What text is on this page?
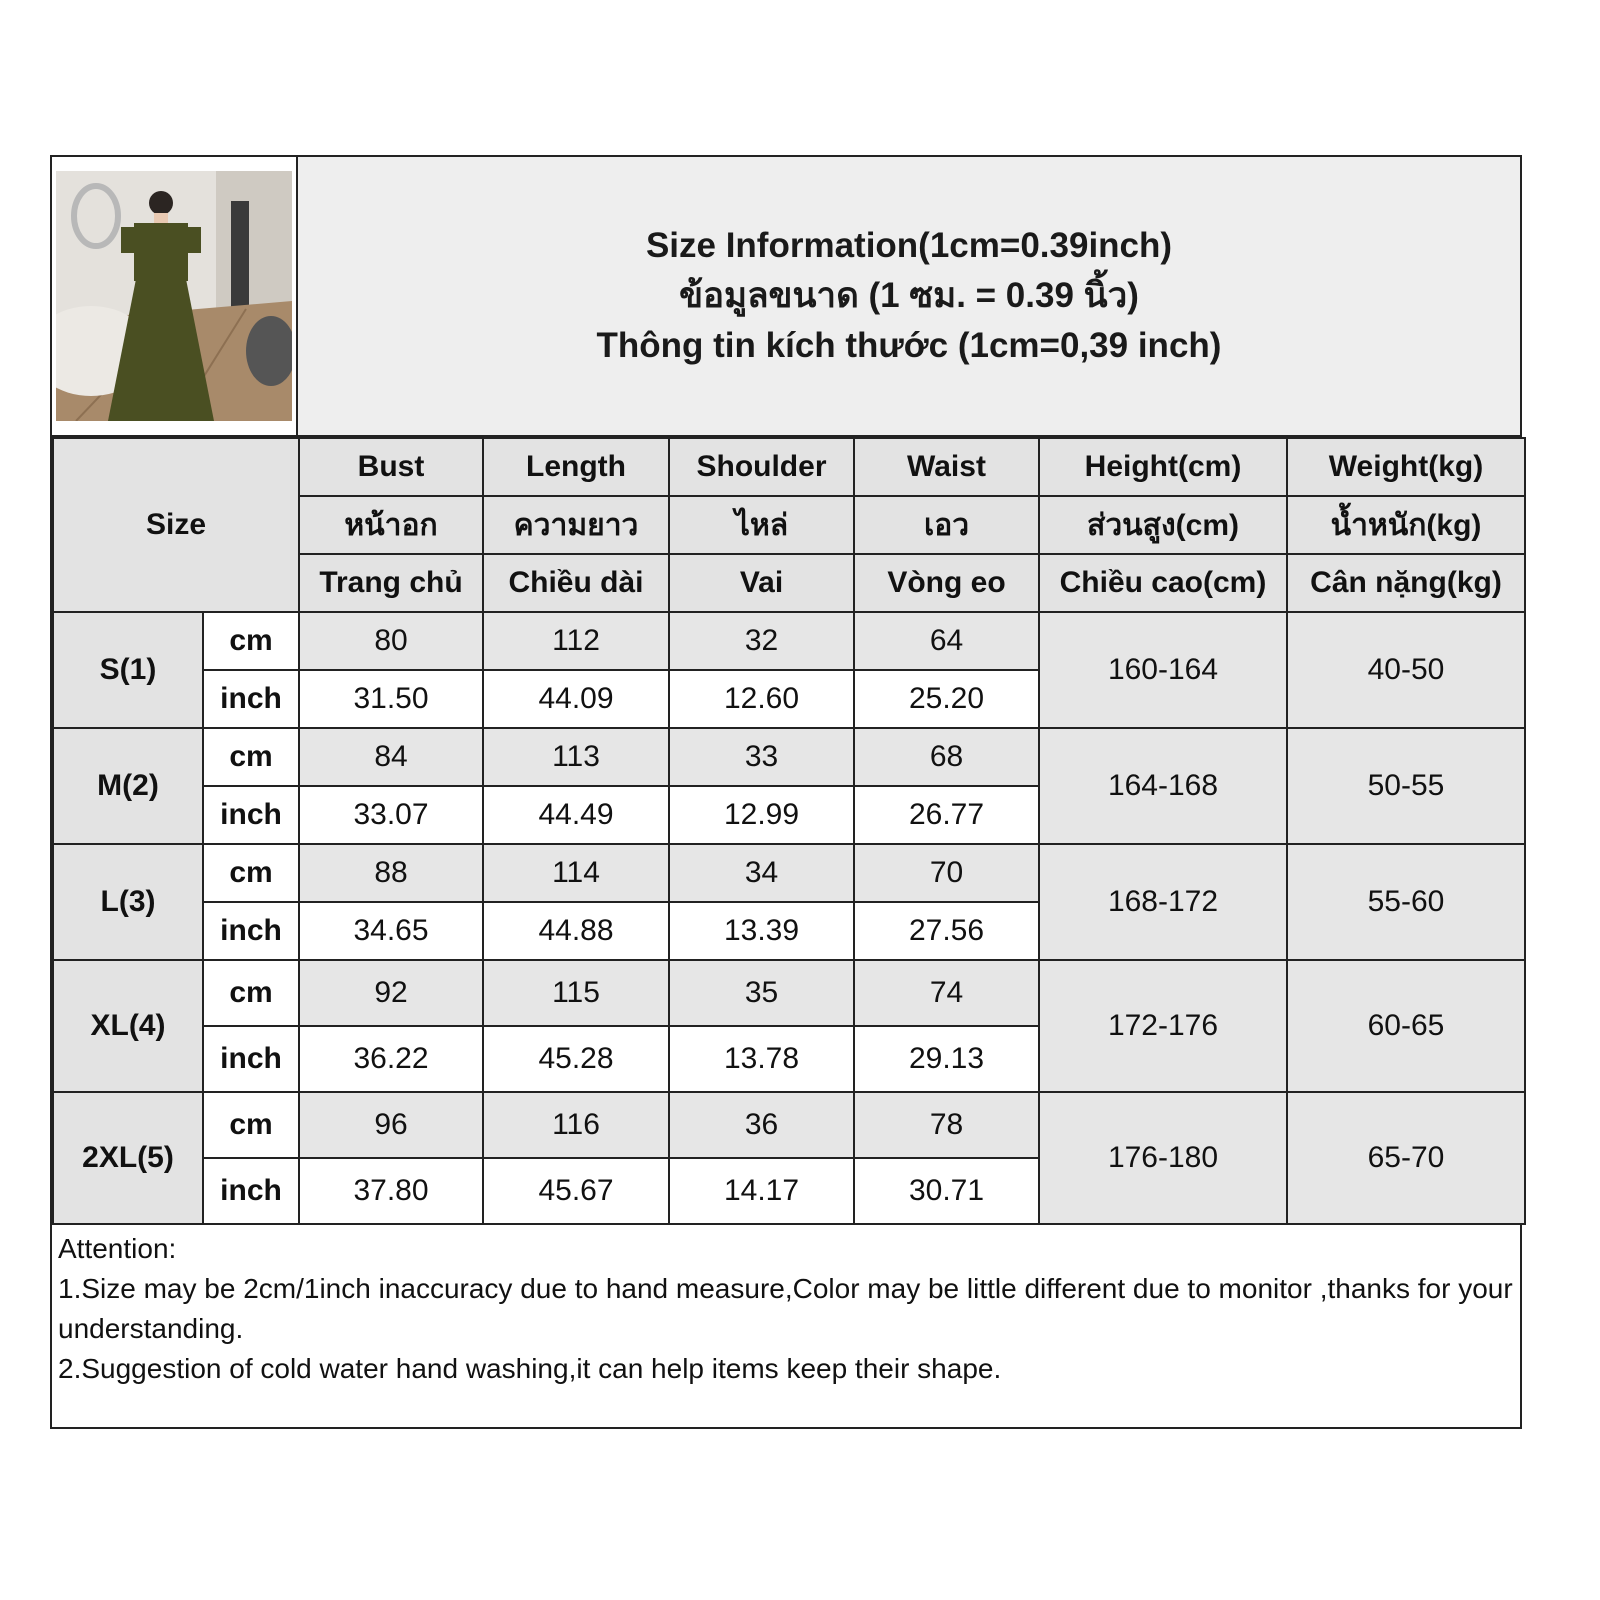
Size Information(1cm=0.39inch)
ข้อมูลขนาด (1 ซม. = 0.39 นิ้ว)
Thông tin kích thước (1cm=0,39 inch)
Size		Bust	Length	Shoulder	Waist	Height(cm)	Weight(kg)
		หน้าอก	ความยาว	ไหล่	เอว	ส่วนสูง(cm)	น้ำหนัก(kg)
		Trang chủ	Chiều dài	Vai	Vòng eo	Chiều cao(cm)	Cân nặng(kg)
S(1)	cm	80	112	32	64	160-164	40-50
	inch	31.50	44.09	12.60	25.20		
M(2)	cm	84	113	33	68	164-168	50-55
	inch	33.07	44.49	12.99	26.77		
L(3)	cm	88	114	34	70	168-172	55-60
	inch	34.65	44.88	13.39	27.56		
XL(4)	cm	92	115	35	74	172-176	60-65
	inch	36.22	45.28	13.78	29.13		
2XL(5)	cm	96	116	36	78	176-180	65-70
	inch	37.80	45.67	14.17	30.71		
Attention:
1.Size may be 2cm/1inch inaccuracy due to hand measure,Color may be little different due to monitor ,thanks for your understanding.
2.Suggestion of cold water hand washing,it can help items keep their shape.
